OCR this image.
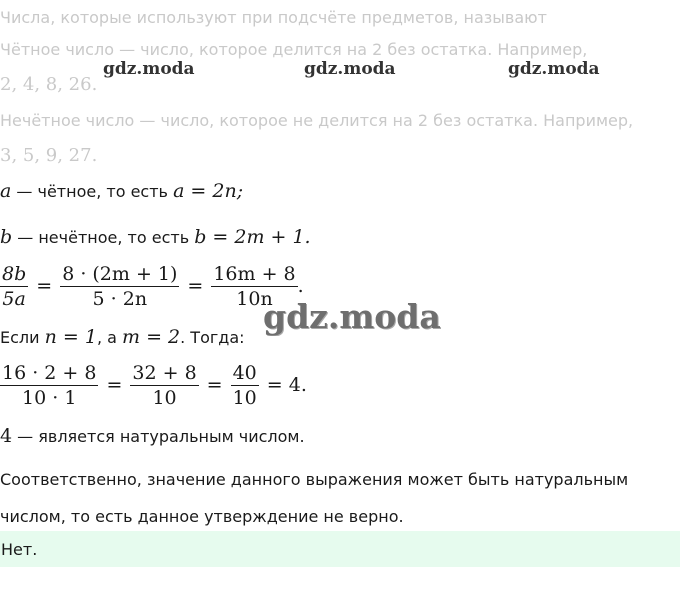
Числа, которые используют при подсчёте предметов, называют
Чётное число — число, которое делится на 2 без остатка. Например,
2, 4, 8, 26.
Нечётное число — число, которое не делится на 2 без остатка. Например,
3, 5, 9, 27.
gdz.moda	gdz.moda	gdz.moda
a — чётное, то есть a = 2n;
b — нечётное, то есть b = 2m + 1.
$\frac{8b}{5a} = \frac{8 \cdot (2m + 1)}{5 \cdot 2n} = \frac{16m + 8}{10n}$ .
gdz.moda
Если n = 1, а m = 2. Тогда:
$\frac{16 \cdot 2 + 8}{10 \cdot 1} = \frac{32 + 8}{10} = \frac{40}{10} = 4$.
4 — является натуральным числом.
Соответственно, значение данного выражения может быть натуральным
числом, то есть данное утверждение не верно.
Нет.
